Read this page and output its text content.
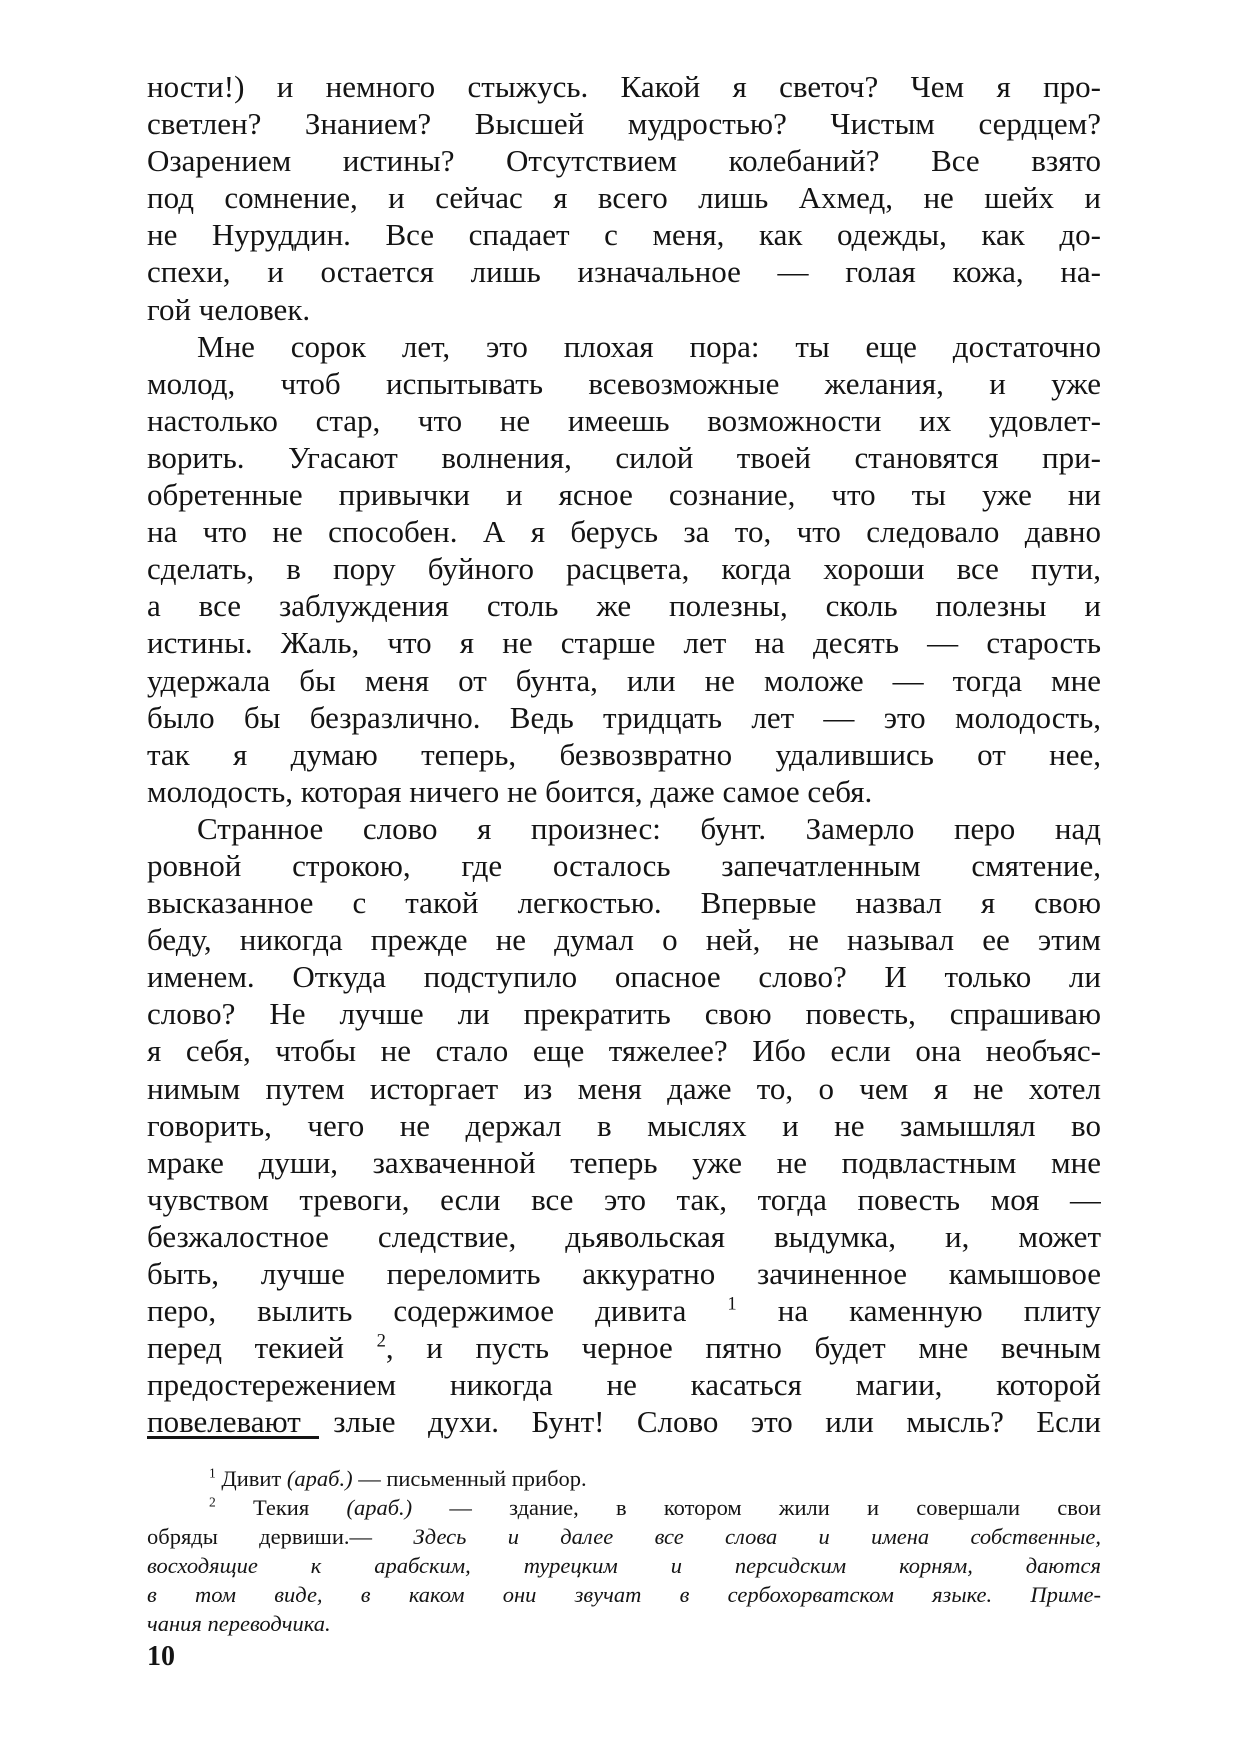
ности!) и немного стыжусь. Какой я светоч? Чем я про-
светлен? Знанием? Высшей мудростью? Чистым сердцем?
Озарением истины? Отсутствием колебаний? Все взято
под сомнение, и сейчас я всего лишь Ахмед, не шейх и
не Нуруддин. Все спадает с меня, как одежды, как до-
спехи, и остается лишь изначальное — голая кожа, на-
гой человек.
Мне сорок лет, это плохая пора: ты еще достаточно
молод, чтоб испытывать всевозможные желания, и уже
настолько стар, что не имеешь возможности их удовлет-
ворить. Угасают волнения, силой твоей становятся при-
обретенные привычки и ясное сознание, что ты уже ни
на что не способен. А я берусь за то, что следовало давно
сделать, в пору буйного расцвета, когда хороши все пути,
а все заблуждения столь же полезны, сколь полезны и
истины. Жаль, что я не старше лет на десять — старость
удержала бы меня от бунта, или не моложе — тогда мне
было бы безразлично. Ведь тридцать лет — это молодость,
так я думаю теперь, безвозвратно удалившись от нее,
молодость, которая ничего не боится, даже самое себя.
Странное слово я произнес: бунт. Замерло перо над
ровной строкою, где осталось запечатленным смятение,
высказанное с такой легкостью. Впервые назвал я свою
беду, никогда прежде не думал о ней, не называл ее этим
именем. Откуда подступило опасное слово? И только ли
слово? Не лучше ли прекратить свою повесть, спрашиваю
я себя, чтобы не стало еще тяжелее? Ибо если она необъяс-
нимым путем исторгает из меня даже то, о чем я не хотел
говорить, чего не держал в мыслях и не замышлял во
мраке души, захваченной теперь уже не подвластным мне
чувством тревоги, если все это так, тогда повесть моя —
безжалостное следствие, дьявольская выдумка, и, может
быть, лучше переломить аккуратно зачиненное камышовое
перо, вылить содержимое дивита $^1$ на каменную плиту
перед текией $^2$, и пусть черное пятно будет мне вечным
предостережением никогда не касаться магии, которой
повелевают злые духи. Бунт! Слово это или мысль? Если
$^1$ Дивит (араб.) — письменный прибор.
$^2$ Текия (араб.) — здание, в котором жили и совершали свои
обряды дервиши.— Здесь и далее все слова и имена собственные,
восходящие к арабским, турецким и персидским корням, даются
в том виде, в каком они звучат в сербохорватском языке. Приме-
чания переводчика.
10
